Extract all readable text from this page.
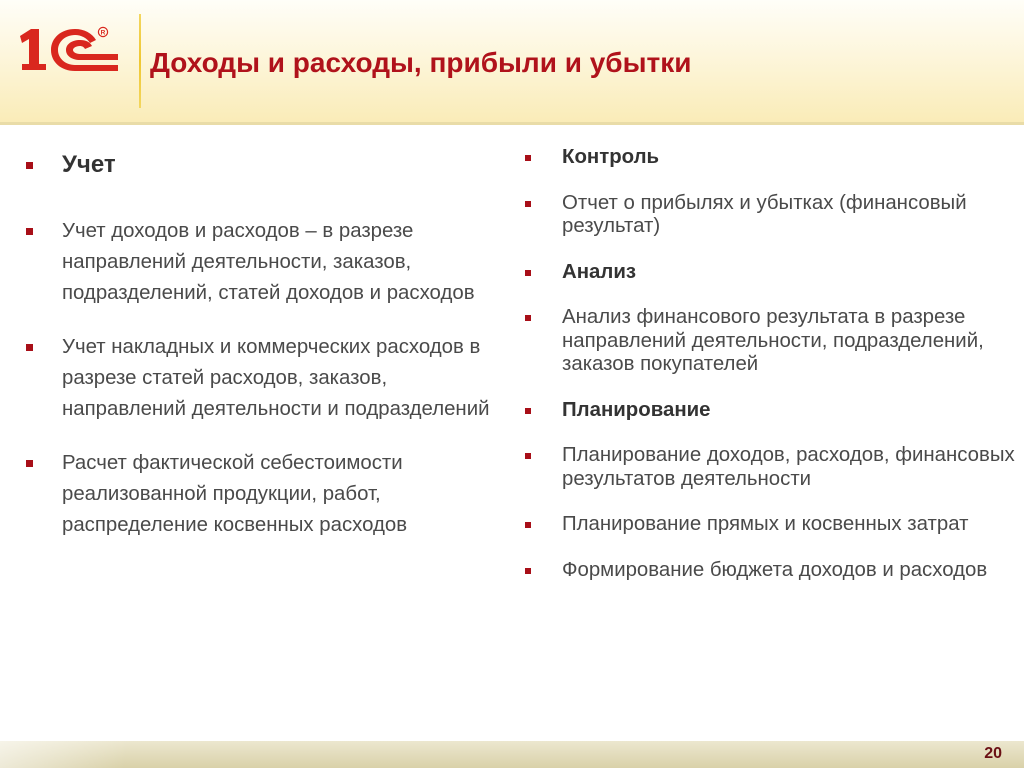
R
Доходы и расходы, прибыли и убытки
Учет
Учет доходов и расходов – в разрезе направлений деятельности, заказов, подразделений, статей доходов и расходов
Учет накладных и коммерческих расходов в разрезе статей расходов, заказов, направлений деятельности и подразделений
Расчет фактической себестоимости реализованной продукции, работ, распределение косвенных расходов
Контроль
Отчет о прибылях и убытках (финансовый результат)
Анализ
Анализ финансового результата в разрезе направлений деятельности, подразделений, заказов покупателей
Планирование
Планирование доходов, расходов, финансовых результатов деятельности
Планирование прямых и косвенных затрат
Формирование бюджета доходов и расходов
20
